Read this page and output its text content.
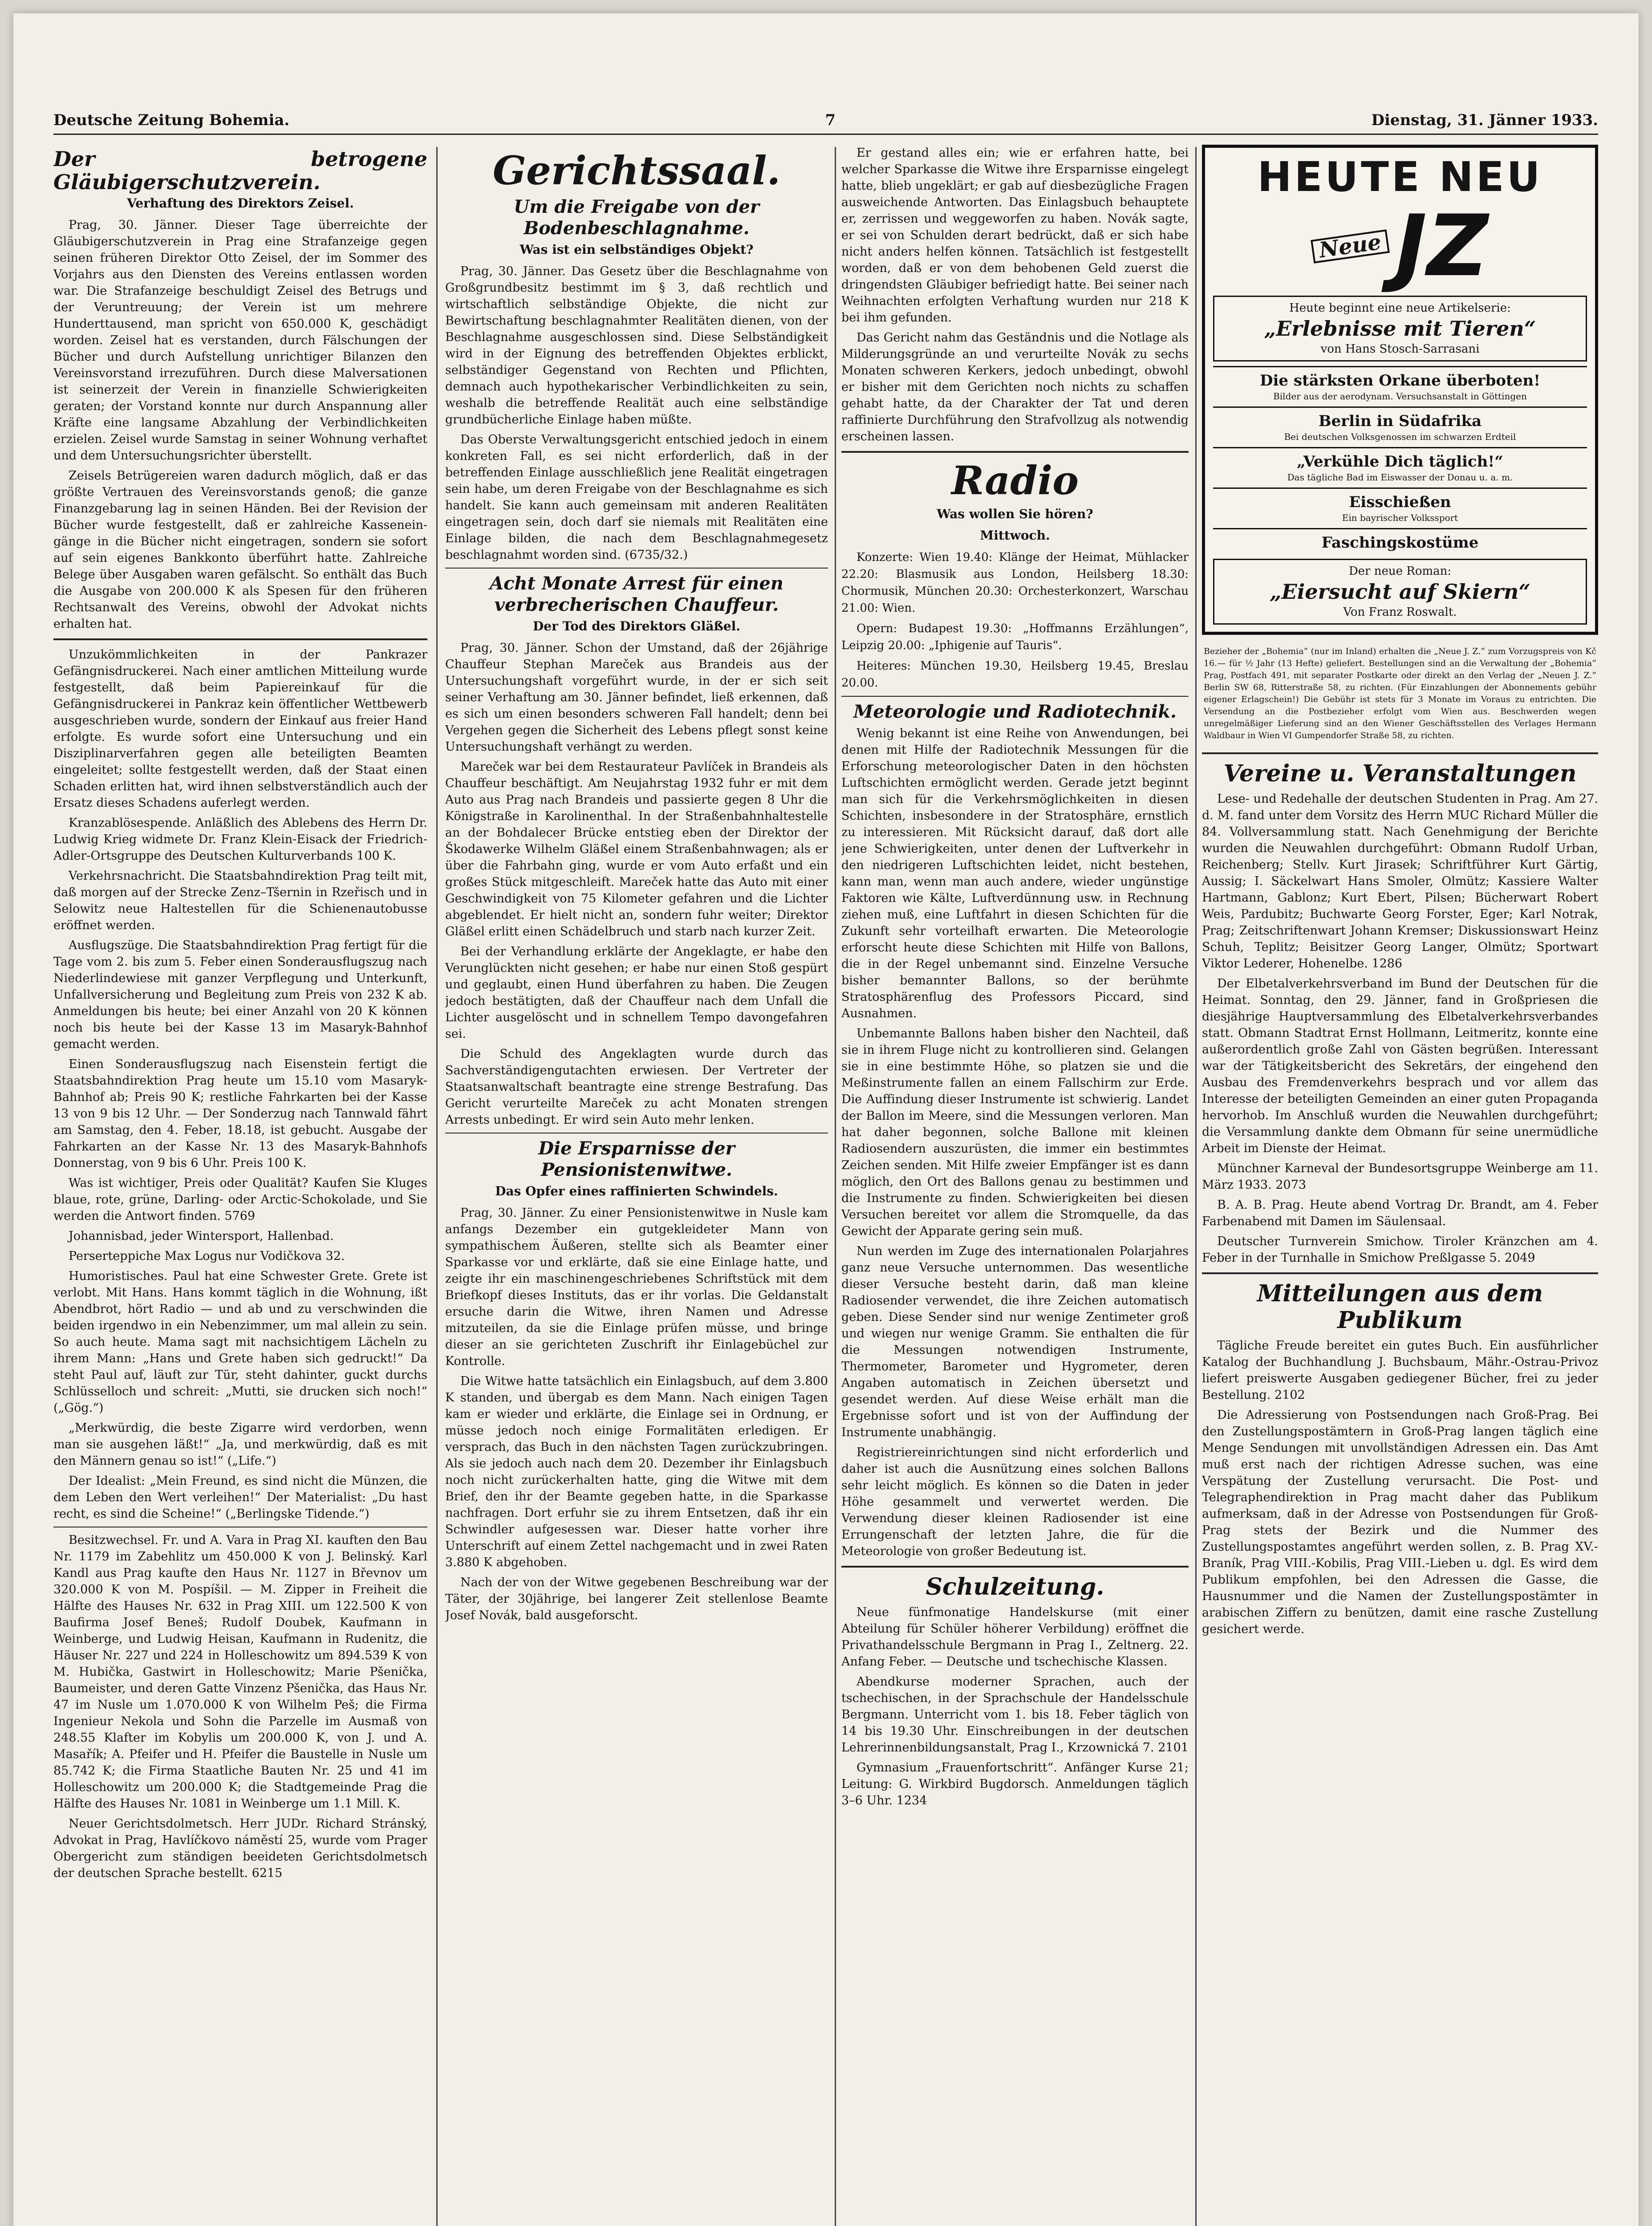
Deutsche Zeitung Bohemia.	7	Dienstag, 31. Jänner 1933.
Der betrogene Gläubigerschutzverein.
Verhaftung des Direktors Zeisel.

Prag, 30. Jänner. Dieser Tage überreichte der Gläubigerschutzverein in Prag eine Strafanzeige gegen seinen früheren Direktor Otto Zeisel, der im Sommer des Vorjahrs aus den Diensten des Vereins entlassen worden war. Die Strafanzeige beschuldigt Zeisel des Betrugs und der Veruntreuung; der Verein ist um mehrere Hunderttausend, man spricht von 650.000 K, geschädigt worden. Zeisel hat es verstanden, durch Fälschungen der Bücher und durch Aufstellung unrichtiger Bilanzen den Vereinsvorstand irrezuführen. Durch diese Malversationen ist seinerzeit der Verein in finanzielle Schwierigkeiten geraten; der Vorstand konnte nur durch Anspannung aller Kräfte eine langsame Abzahlung der Verbindlichkeiten erzielen. Zeisel wurde Samstag in seiner Wohnung verhaftet und dem Untersuchungsrichter überstellt.

Zeisels Betrügereien waren dadurch möglich, daß er das größte Vertrauen des Vereinsvorstands genoß; die ganze Finanzgebarung lag in seinen Händen. Bei der Revision der Bücher wurde festgestellt, daß er zahlreiche Kasseneingänge in die Bücher nicht eingetragen, sondern sie sofort auf sein eigenes Bankkonto überführt hatte. Zahlreiche Belege über Ausgaben waren gefälscht. So enthält das Buch die Ausgabe von 200.000 K als Spesen für den früheren Rechtsanwalt des Vereins, obwohl der Advokat nichts erhalten hat.

Unzukömmlichkeiten in der Pankrazer Gefängnisdruckerei. Nach einer amtlichen Mitteilung wurde festgestellt, daß beim Papiereinkauf für die Gefängnisdruckerei in Pankraz kein öffentlicher Wettbewerb ausgeschrieben wurde, sondern der Einkauf aus freier Hand erfolgte. Es wurde sofort eine Untersuchung und ein Disziplinarverfahren gegen alle beteiligten Beamten eingeleitet; sollte festgestellt werden, daß der Staat einen Schaden erlitten hat, wird ihnen selbstverständlich auch der Ersatz dieses Schadens auferlegt werden.

Kranzablösespende. Anläßlich des Ablebens des Herrn Dr. Ludwig Krieg widmete Dr. Franz Klein-Eisack der Friedrich-Adler-Ortsgruppe des Deutschen Kulturverbands 100 K.

Verkehrsnachricht. Die Staatsbahndirektion Prag teilt mit, daß morgen auf der Strecke Zenz–Tšernin in Rzeřisch und in Selowitz neue Haltestellen für die Schienenautobusse eröffnet werden.

Ausflugszüge. Die Staatsbahndirektion Prag fertigt für die Tage vom 2. bis zum 5. Feber einen Sonderausflugszug nach Niederlindewiese mit ganzer Verpflegung und Unterkunft, Unfallversicherung und Begleitung zum Preis von 232 K ab. Anmeldungen bis heute; bei einer Anzahl von 20 K können noch bis heute bei der Kasse 13 im Masaryk-Bahnhof gemacht werden.

Einen Sonderausflugszug nach Eisenstein fertigt die Staatsbahndirektion Prag heute um 15.10 vom Masaryk-Bahnhof ab; Preis 90 K; restliche Fahrkarten bei der Kasse 13 von 9 bis 12 Uhr. — Der Sonderzug nach Tannwald fährt am Samstag, den 4. Feber, 18.18, ist gebucht. Ausgabe der Fahrkarten an der Kasse Nr. 13 des Masaryk-Bahnhofs Donnerstag, von 9 bis 6 Uhr. Preis 100 K.

Was ist wichtiger, Preis oder Qualität? Kaufen Sie Kluges blaue, rote, grüne, Darling- oder Arctic-Schokolade, und Sie werden die Antwort finden. 5769

Johannisbad, jeder Wintersport, Hallenbad.

Perserteppiche Max Logus nur Vodičkova 32.

Humoristisches. Paul hat eine Schwester Grete. Grete ist verlobt. Mit Hans. Hans kommt täglich in die Wohnung, ißt Abendbrot, hört Radio — und ab und zu verschwinden die beiden irgendwo in ein Nebenzimmer, um mal allein zu sein. So auch heute. Mama sagt mit nachsichtigem Lächeln zu ihrem Mann: „Hans und Grete haben sich gedruckt!“ Da steht Paul auf, läuft zur Tür, steht dahinter, guckt durchs Schlüsselloch und schreit: „Mutti, sie drucken sich noch!“ („Gög.“)

„Merkwürdig, die beste Zigarre wird verdorben, wenn man sie ausgehen läßt!“ „Ja, und merkwürdig, daß es mit den Männern genau so ist!“ („Life.“)

Der Idealist: „Mein Freund, es sind nicht die Münzen, die dem Leben den Wert verleihen!“ Der Materialist: „Du hast recht, es sind die Scheine!“ („Berlingske Tidende.“)

Besitzwechsel. Fr. und A. Vara in Prag XI. kauften den Bau Nr. 1179 im Zabehlitz um 450.000 K von J. Belinský. Karl Kandl aus Prag kaufte den Haus Nr. 1127 in Břevnov um 320.000 K von M. Pospíšil. — M. Zipper in Freiheit die Hälfte des Hauses Nr. 632 in Prag XIII. um 122.500 K von Baufirma Josef Beneš; Rudolf Doubek, Kaufmann in Weinberge, und Ludwig Heisan, Kaufmann in Rudenitz, die Häuser Nr. 227 und 224 in Holleschowitz um 894.539 K von M. Hubička, Gastwirt in Holleschowitz; Marie Pšenička, Baumeister, und deren Gatte Vinzenz Pšenička, das Haus Nr. 47 im Nusle um 1.070.000 K von Wilhelm Peš; die Firma Ingenieur Nekola und Sohn die Parzelle im Ausmaß von 248.55 Klafter im Kobylis um 200.000 K, von J. und A. Masařík; A. Pfeifer und H. Pfeifer die Baustelle in Nusle um 85.742 K; die Firma Staatliche Bauten Nr. 25 und 41 im Holleschowitz um 200.000 K; die Stadtgemeinde Prag die Hälfte des Hauses Nr. 1081 in Weinberge um 1.1 Mill. K.

Neuer Gerichtsdolmetsch. Herr JUDr. Richard Stránský, Advokat in Prag, Havlíčkovo náměstí 25, wurde vom Prager Obergericht zum ständigen beeideten Gerichtsdolmetsch der deutschen Sprache bestellt. 6215

Gerichtssaal.
Um die Freigabe von der Bodenbeschlagnahme.
Was ist ein selbständiges Objekt?

Prag, 30. Jänner. Das Gesetz über die Beschlagnahme von Großgrundbesitz bestimmt im § 3, daß rechtlich und wirtschaftlich selbständige Objekte, die nicht zur Bewirtschaftung beschlagnahmter Realitäten dienen, von der Beschlagnahme ausgeschlossen sind. Diese Selbständigkeit wird in der Eignung des betreffenden Objektes erblickt, selbständiger Gegenstand von Rechten und Pflichten, demnach auch hypothekarischer Verbindlichkeiten zu sein, weshalb die betreffende Realität auch eine selbständige grundbücherliche Einlage haben müßte.

Das Oberste Verwaltungsgericht entschied jedoch in einem konkreten Fall, es sei nicht erforderlich, daß in der betreffenden Einlage ausschließlich jene Realität eingetragen sein habe, um deren Freigabe von der Beschlagnahme es sich handelt. Sie kann auch gemeinsam mit anderen Realitäten eingetragen sein, doch darf sie niemals mit Realitäten eine Einlage bilden, die nach dem Beschlagnahmegesetz beschlagnahmt worden sind. (6735/32.)

Acht Monate Arrest für einen verbrecherischen Chauffeur.
Der Tod des Direktors Gläßel.

Prag, 30. Jänner. Schon der Umstand, daß der 26jährige Chauffeur Stephan Mareček aus Brandeis aus der Untersuchungshaft vorgeführt wurde, in der er sich seit seiner Verhaftung am 30. Jänner befindet, ließ erkennen, daß es sich um einen besonders schweren Fall handelt; denn bei Vergehen gegen die Sicherheit des Lebens pflegt sonst keine Untersuchungshaft verhängt zu werden.

Mareček war bei dem Restaurateur Pavlíček in Brandeis als Chauffeur beschäftigt. Am Neujahrstag 1932 fuhr er mit dem Auto aus Prag nach Brandeis und passierte gegen 8 Uhr die Königstraße in Karolinenthal. In der Straßenbahnhaltestelle an der Bohdalecer Brücke entstieg eben der Direktor der Škodawerke Wilhelm Gläßel einem Straßenbahnwagen; als er über die Fahrbahn ging, wurde er vom Auto erfaßt und ein großes Stück mitgeschleift. Mareček hatte das Auto mit einer Geschwindigkeit von 75 Kilometer gefahren und die Lichter abgeblendet. Er hielt nicht an, sondern fuhr weiter; Direktor Gläßel erlitt einen Schädelbruch und starb nach kurzer Zeit.

Bei der Verhandlung erklärte der Angeklagte, er habe den Verunglückten nicht gesehen; er habe nur einen Stoß gespürt und geglaubt, einen Hund überfahren zu haben. Die Zeugen jedoch bestätigten, daß der Chauffeur nach dem Unfall die Lichter ausgelöscht und in schnellem Tempo davongefahren sei.

Die Schuld des Angeklagten wurde durch das Sachverständigengutachten erwiesen. Der Vertreter der Staatsanwaltschaft beantragte eine strenge Bestrafung. Das Gericht verurteilte Mareček zu acht Monaten strengen Arrests unbedingt. Er wird sein Auto mehr lenken.

Die Ersparnisse der Pensionistenwitwe.
Das Opfer eines raffinierten Schwindels.

Prag, 30. Jänner. Zu einer Pensionistenwitwe in Nusle kam anfangs Dezember ein gutgekleideter Mann von sympathischem Äußeren, stellte sich als Beamter einer Sparkasse vor und erklärte, daß sie eine Einlage hatte, und zeigte ihr ein maschinengeschriebenes Schriftstück mit dem Briefkopf dieses Instituts, das er ihr vorlas. Die Geldanstalt ersuche darin die Witwe, ihren Namen und Adresse mitzuteilen, da sie die Einlage prüfen müsse, und bringe dieser an sie gerichteten Zuschrift ihr Einlagebüchel zur Kontrolle.

Die Witwe hatte tatsächlich ein Einlagsbuch, auf dem 3.800 K standen, und übergab es dem Mann. Nach einigen Tagen kam er wieder und erklärte, die Einlage sei in Ordnung, er müsse jedoch noch einige Formalitäten erledigen. Er versprach, das Buch in den nächsten Tagen zurückzubringen. Als sie jedoch auch nach dem 20. Dezember ihr Einlagsbuch noch nicht zurückerhalten hatte, ging die Witwe mit dem Brief, den ihr der Beamte gegeben hatte, in die Sparkasse nachfragen. Dort erfuhr sie zu ihrem Entsetzen, daß ihr ein Schwindler aufgesessen war. Dieser hatte vorher ihre Unterschrift auf einem Zettel nachgemacht und in zwei Raten 3.880 K abgehoben.

Nach der von der Witwe gegebenen Beschreibung war der Täter, der 30jährige, bei langerer Zeit stellenlose Beamte Josef Novák, bald ausgeforscht.

Er gestand alles ein; wie er erfahren hatte, bei welcher Sparkasse die Witwe ihre Ersparnisse eingelegt hatte, blieb ungeklärt; er gab auf diesbezügliche Fragen ausweichende Antworten. Das Einlagsbuch behauptete er, zerrissen und weggeworfen zu haben. Novák sagte, er sei von Schulden derart bedrückt, daß er sich habe nicht anders helfen können. Tatsächlich ist festgestellt worden, daß er von dem behobenen Geld zuerst die dringendsten Gläubiger befriedigt hatte. Bei seiner nach Weihnachten erfolgten Verhaftung wurden nur 218 K bei ihm gefunden.

Das Gericht nahm das Geständnis und die Notlage als Milderungsgründe an und verurteilte Novák zu sechs Monaten schweren Kerkers, jedoch unbedingt, obwohl er bisher mit dem Gerichten noch nichts zu schaffen gehabt hatte, da der Charakter der Tat und deren raffinierte Durchführung den Strafvollzug als notwendig erscheinen lassen.

Radio
Was wollen Sie hören?
Mittwoch.

Konzerte: Wien 19.40: Klänge der Heimat, Mühlacker 22.20: Blasmusik aus London, Heilsberg 18.30: Chormusik, München 20.30: Orchesterkonzert, Warschau 21.00: Wien.

Opern: Budapest 19.30: „Hoffmanns Erzählungen“, Leipzig 20.00: „Iphigenie auf Tauris“.

Heiteres: München 19.30, Heilsberg 19.45, Breslau 20.00.

Meteorologie und Radiotechnik.

Wenig bekannt ist eine Reihe von Anwendungen, bei denen mit Hilfe der Radiotechnik Messungen für die Erforschung meteorologischer Daten in den höchsten Luftschichten ermöglicht werden. Gerade jetzt beginnt man sich für die Verkehrsmöglichkeiten in diesen Schichten, insbesondere in der Stratosphäre, ernstlich zu interessieren. Mit Rücksicht darauf, daß dort alle jene Schwierigkeiten, unter denen der Luftverkehr in den niedrigeren Luftschichten leidet, nicht bestehen, kann man, wenn man auch andere, wieder ungünstige Faktoren wie Kälte, Luftverdünnung usw. in Rechnung ziehen muß, eine Luftfahrt in diesen Schichten für die Zukunft sehr vorteilhaft erwarten. Die Meteorologie erforscht heute diese Schichten mit Hilfe von Ballons, die in der Regel unbemannt sind. Einzelne Versuche bisher bemannter Ballons, so der berühmte Stratosphärenflug des Professors Piccard, sind Ausnahmen.

Unbemannte Ballons haben bisher den Nachteil, daß sie in ihrem Fluge nicht zu kontrollieren sind. Gelangen sie in eine bestimmte Höhe, so platzen sie und die Meßinstrumente fallen an einem Fallschirm zur Erde. Die Auffindung dieser Instrumente ist schwierig. Landet der Ballon im Meere, sind die Messungen verloren. Man hat daher begonnen, solche Ballone mit kleinen Radiosendern auszurüsten, die immer ein bestimmtes Zeichen senden. Mit Hilfe zweier Empfänger ist es dann möglich, den Ort des Ballons genau zu bestimmen und die Instrumente zu finden. Schwierigkeiten bei diesen Versuchen bereitet vor allem die Stromquelle, da das Gewicht der Apparate gering sein muß.

Nun werden im Zuge des internationalen Polarjahres ganz neue Versuche unternommen. Das wesentliche dieser Versuche besteht darin, daß man kleine Radiosender verwendet, die ihre Zeichen automatisch geben. Diese Sender sind nur wenige Zentimeter groß und wiegen nur wenige Gramm. Sie enthalten die für die Messungen notwendigen Instrumente, Thermometer, Barometer und Hygrometer, deren Angaben automatisch in Zeichen übersetzt und gesendet werden. Auf diese Weise erhält man die Ergebnisse sofort und ist von der Auffindung der Instrumente unabhängig.

Registriereinrichtungen sind nicht erforderlich und daher ist auch die Ausnützung eines solchen Ballons sehr leicht möglich. Es können so die Daten in jeder Höhe gesammelt und verwertet werden. Die Verwendung dieser kleinen Radiosender ist eine Errungenschaft der letzten Jahre, die für die Meteorologie von großer Bedeutung ist.

Schulzeitung.

Neue fünfmonatige Handelskurse (mit einer Abteilung für Schüler höherer Verbildung) eröffnet die Privathandelsschule Bergmann in Prag I., Zeltnerg. 22. Anfang Feber. — Deutsche und tschechische Klassen.

Abendkurse moderner Sprachen, auch der tschechischen, in der Sprachschule der Handelsschule Bergmann. Unterricht vom 1. bis 18. Feber täglich von 14 bis 19.30 Uhr. Einschreibungen in der deutschen Lehrerinnenbildungsanstalt, Prag I., Krzownická 7. 2101

Gymnasium „Frauenfortschritt“. Anfänger Kurse 21; Leitung: G. Wirkbird Bugdorsch. Anmeldungen täglich 3–6 Uhr. 1234

HEUTE NEU
Neue JZ
Heute beginnt eine neue Artikelserie:
„Erlebnisse mit Tieren“
von Hans Stosch-Sarrasani
Die stärksten Orkane überboten!
Bilder aus der aerodynam. Versuchsanstalt in Göttingen
Berlin in Südafrika
Bei deutschen Volksgenossen im schwarzen Erdteil
„Verkühle Dich täglich!“
Das tägliche Bad im Eiswasser der Donau u. a. m.
Eisschießen
Ein bayrischer Volkssport
Faschingskostüme
Der neue Roman:
„Eiersucht auf Skiern“
Von Franz Roswalt.
Bezieher der „Bohemia“ (nur im Inland) erhalten die „Neue J. Z.“ zum Vorzugspreis von Kč 16.— für ½ Jahr (13 Hefte) geliefert. Bestellungen sind an die Verwaltung der „Bohemia“ Prag, Postfach 491, mit separater Postkarte oder direkt an den Verlag der „Neuen J. Z.“ Berlin SW 68, Ritterstraße 58, zu richten. (Für Einzahlungen der Abonnements gebühr eigener Erlagschein!) Die Gebühr ist stets für 3 Monate im Voraus zu entrichten. Die Versendung an die Postbezieher erfolgt vom Wien aus. Beschwerden wegen unregelmäßiger Lieferung sind an den Wiener Geschäftsstellen des Verlages Hermann Waldbaur in Wien VI Gumpendorfer Straße 58, zu richten.
Vereine u. Veranstaltungen

Lese- und Redehalle der deutschen Studenten in Prag. Am 27. d. M. fand unter dem Vorsitz des Herrn MUC Richard Müller die 84. Vollversammlung statt. Nach Genehmigung der Berichte wurden die Neuwahlen durchgeführt: Obmann Rudolf Urban, Reichenberg; Stellv. Kurt Jirasek; Schriftführer Kurt Gärtig, Aussig; I. Säckelwart Hans Smoler, Olmütz; Kassiere Walter Hartmann, Gablonz; Kurt Ebert, Pilsen; Bücherwart Robert Weis, Pardubitz; Buchwarte Georg Forster, Eger; Karl Notrak, Prag; Zeitschriftenwart Johann Kremser; Diskussionswart Heinz Schuh, Teplitz; Beisitzer Georg Langer, Olmütz; Sportwart Viktor Lederer, Hohenelbe. 1286

Der Elbetalverkehrsverband im Bund der Deutschen für die Heimat. Sonntag, den 29. Jänner, fand in Großpriesen die diesjährige Hauptversammlung des Elbetalverkehrsverbandes statt. Obmann Stadtrat Ernst Hollmann, Leitmeritz, konnte eine außerordentlich große Zahl von Gästen begrüßen. Interessant war der Tätigkeitsbericht des Sekretärs, der eingehend den Ausbau des Fremdenverkehrs besprach und vor allem das Interesse der beteiligten Gemeinden an einer guten Propaganda hervorhob. Im Anschluß wurden die Neuwahlen durchgeführt; die Versammlung dankte dem Obmann für seine unermüdliche Arbeit im Dienste der Heimat.

Münchner Karneval der Bundesortsgruppe Weinberge am 11. März 1933. 2073

B. A. B. Prag. Heute abend Vortrag Dr. Brandt, am 4. Feber Farbenabend mit Damen im Säulensaal.

Deutscher Turnverein Smichow. Tiroler Kränzchen am 4. Feber in der Turnhalle in Smichow Preßlgasse 5. 2049

Mitteilungen aus dem Publikum

Tägliche Freude bereitet ein gutes Buch. Ein ausführlicher Katalog der Buchhandlung J. Buchsbaum, Mähr.-Ostrau-Privoz liefert preiswerte Ausgaben gediegener Bücher, frei zu jeder Bestellung. 2102

Die Adressierung von Postsendungen nach Groß-Prag. Bei den Zustellungspostämtern in Groß-Prag langen täglich eine Menge Sendungen mit unvollständigen Adressen ein. Das Amt muß erst nach der richtigen Adresse suchen, was eine Verspätung der Zustellung verursacht. Die Post- und Telegraphendirektion in Prag macht daher das Publikum aufmerksam, daß in der Adresse von Postsendungen für Groß-Prag stets der Bezirk und die Nummer des Zustellungspostamtes angeführt werden sollen, z. B. Prag XV.-Braník, Prag VIII.-Kobilis, Prag VIII.-Lieben u. dgl. Es wird dem Publikum empfohlen, bei den Adressen die Gasse, die Hausnummer und die Namen der Zustellungspostämter in arabischen Ziffern zu benützen, damit eine rasche Zustellung gesichert werde.
